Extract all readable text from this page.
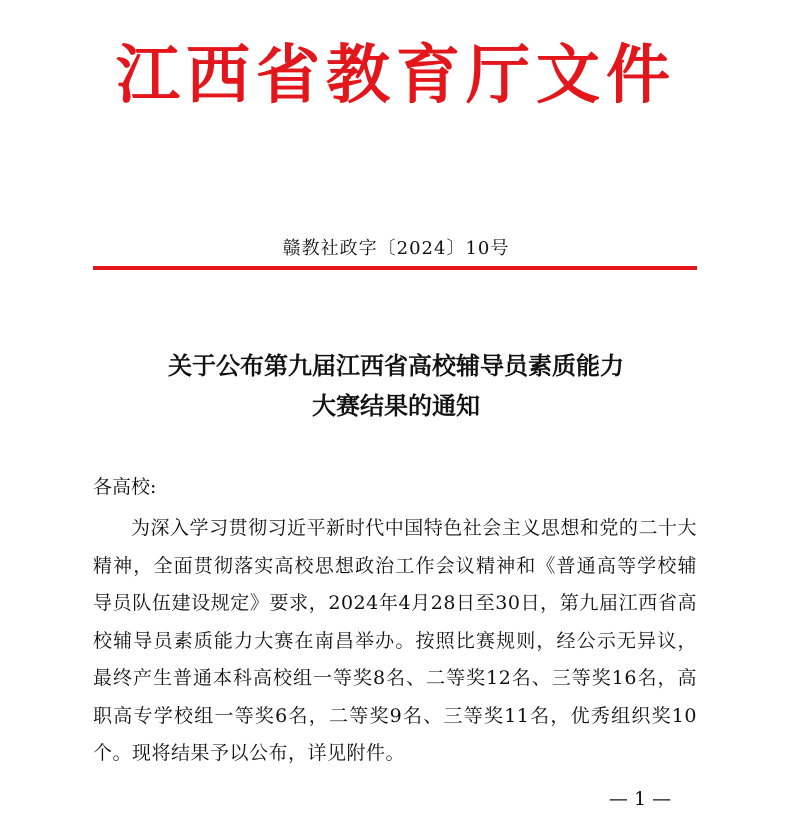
江西省教育厅文件
赣教社政字〔2024〕10号
关于公布第九届江西省高校辅导员素质能力
大赛结果的通知
各高校:

为深入学习贯彻习近平新时代中国特色社会主义思想和党的二十大精神，全面贯彻落实高校思想政治工作会议精神和《普通高等学校辅导员队伍建设规定》要求，2024年4月28日至30日，第九届江西省高校辅导员素质能力大赛在南昌举办。按照比赛规则，经公示无异议，最终产生普通本科高校组一等奖8名、二等奖12名、三等奖16名，高职高专学校组一等奖6名，二等奖9名、三等奖11名，优秀组织奖10个。现将结果予以公布，详见附件。

— 1 —
